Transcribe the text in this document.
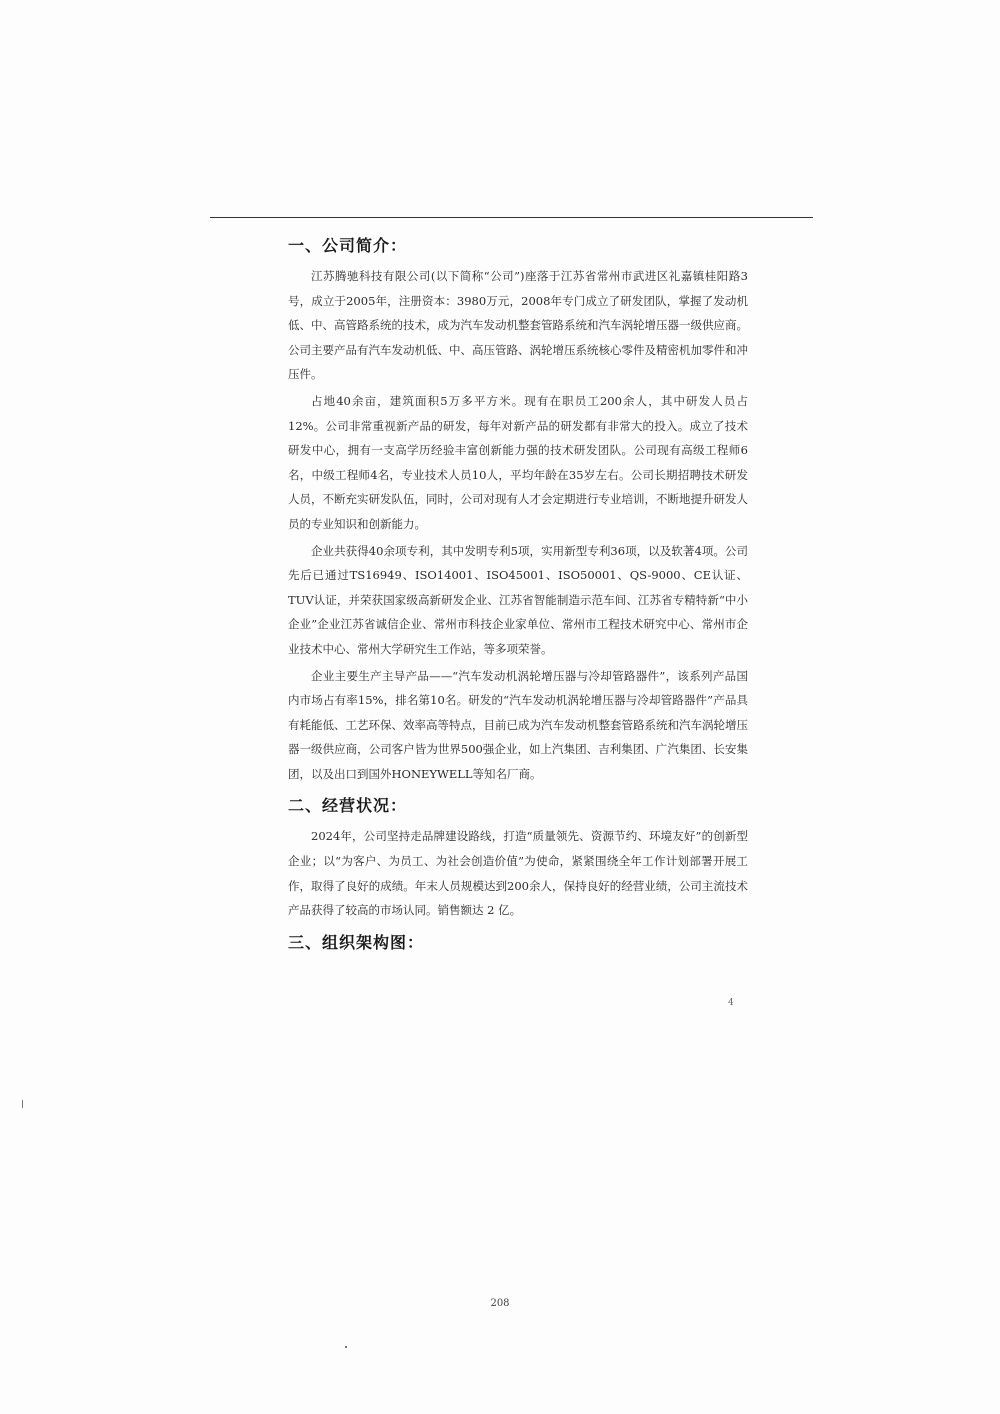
一、公司简介：

江苏腾驰科技有限公司(以下简称“公司”)座落于江苏省常州市武进区礼嘉镇桂阳路3号，成立于2005年，注册资本：3980万元，2008年专门成立了研发团队，掌握了发动机低、中、高管路系统的技术，成为汽车发动机整套管路系统和汽车涡轮增压器一级供应商。公司主要产品有汽车发动机低、中、高压管路、涡轮增压系统核心零件及精密机加零件和冲压件。

占地40余亩，建筑面积5万多平方米。现有在职员工200余人，其中研发人员占12%。公司非常重视新产品的研发，每年对新产品的研发都有非常大的投入。成立了技术研发中心，拥有一支高学历经验丰富创新能力强的技术研发团队。公司现有高级工程师6名，中级工程师4名，专业技术人员10人，平均年龄在35岁左右。公司长期招聘技术研发人员，不断充实研发队伍，同时，公司对现有人才会定期进行专业培训，不断地提升研发人员的专业知识和创新能力。

企业共获得40余项专利，其中发明专利5项，实用新型专利36项，以及软著4项。公司先后已通过TS16949、ISO14001、ISO45001、ISO50001、QS-9000、CE认证、TUV认证，并荣获国家级高新研发企业、江苏省智能制造示范车间、江苏省专精特新“中小企业”企业江苏省诚信企业、常州市科技企业家单位、常州市工程技术研究中心、常州市企业技术中心、常州大学研究生工作站，等多项荣誉。

企业主要生产主导产品——“汽车发动机涡轮增压器与冷却管路器件”，该系列产品国内市场占有率15%，排名第10名。研发的“汽车发动机涡轮增压器与冷却管路器件”产品具有耗能低、工艺环保、效率高等特点，目前已成为汽车发动机整套管路系统和汽车涡轮增压器一级供应商，公司客户皆为世界500强企业，如上汽集团、吉利集团、广汽集团、长安集团，以及出口到国外HONEYWELL等知名厂商。

二、经营状况：

2024年，公司坚持走品牌建设路线，打造“质量领先、资源节约、环境友好”的创新型企业；以“为客户、为员工、为社会创造价值”为使命，紧紧围绕全年工作计划部署开展工作，取得了良好的成绩。年末人员规模达到200余人，保持良好的经营业绩，公司主流技术产品获得了较高的市场认同。销售额达 2 亿。

三、组织架构图：
4
208
